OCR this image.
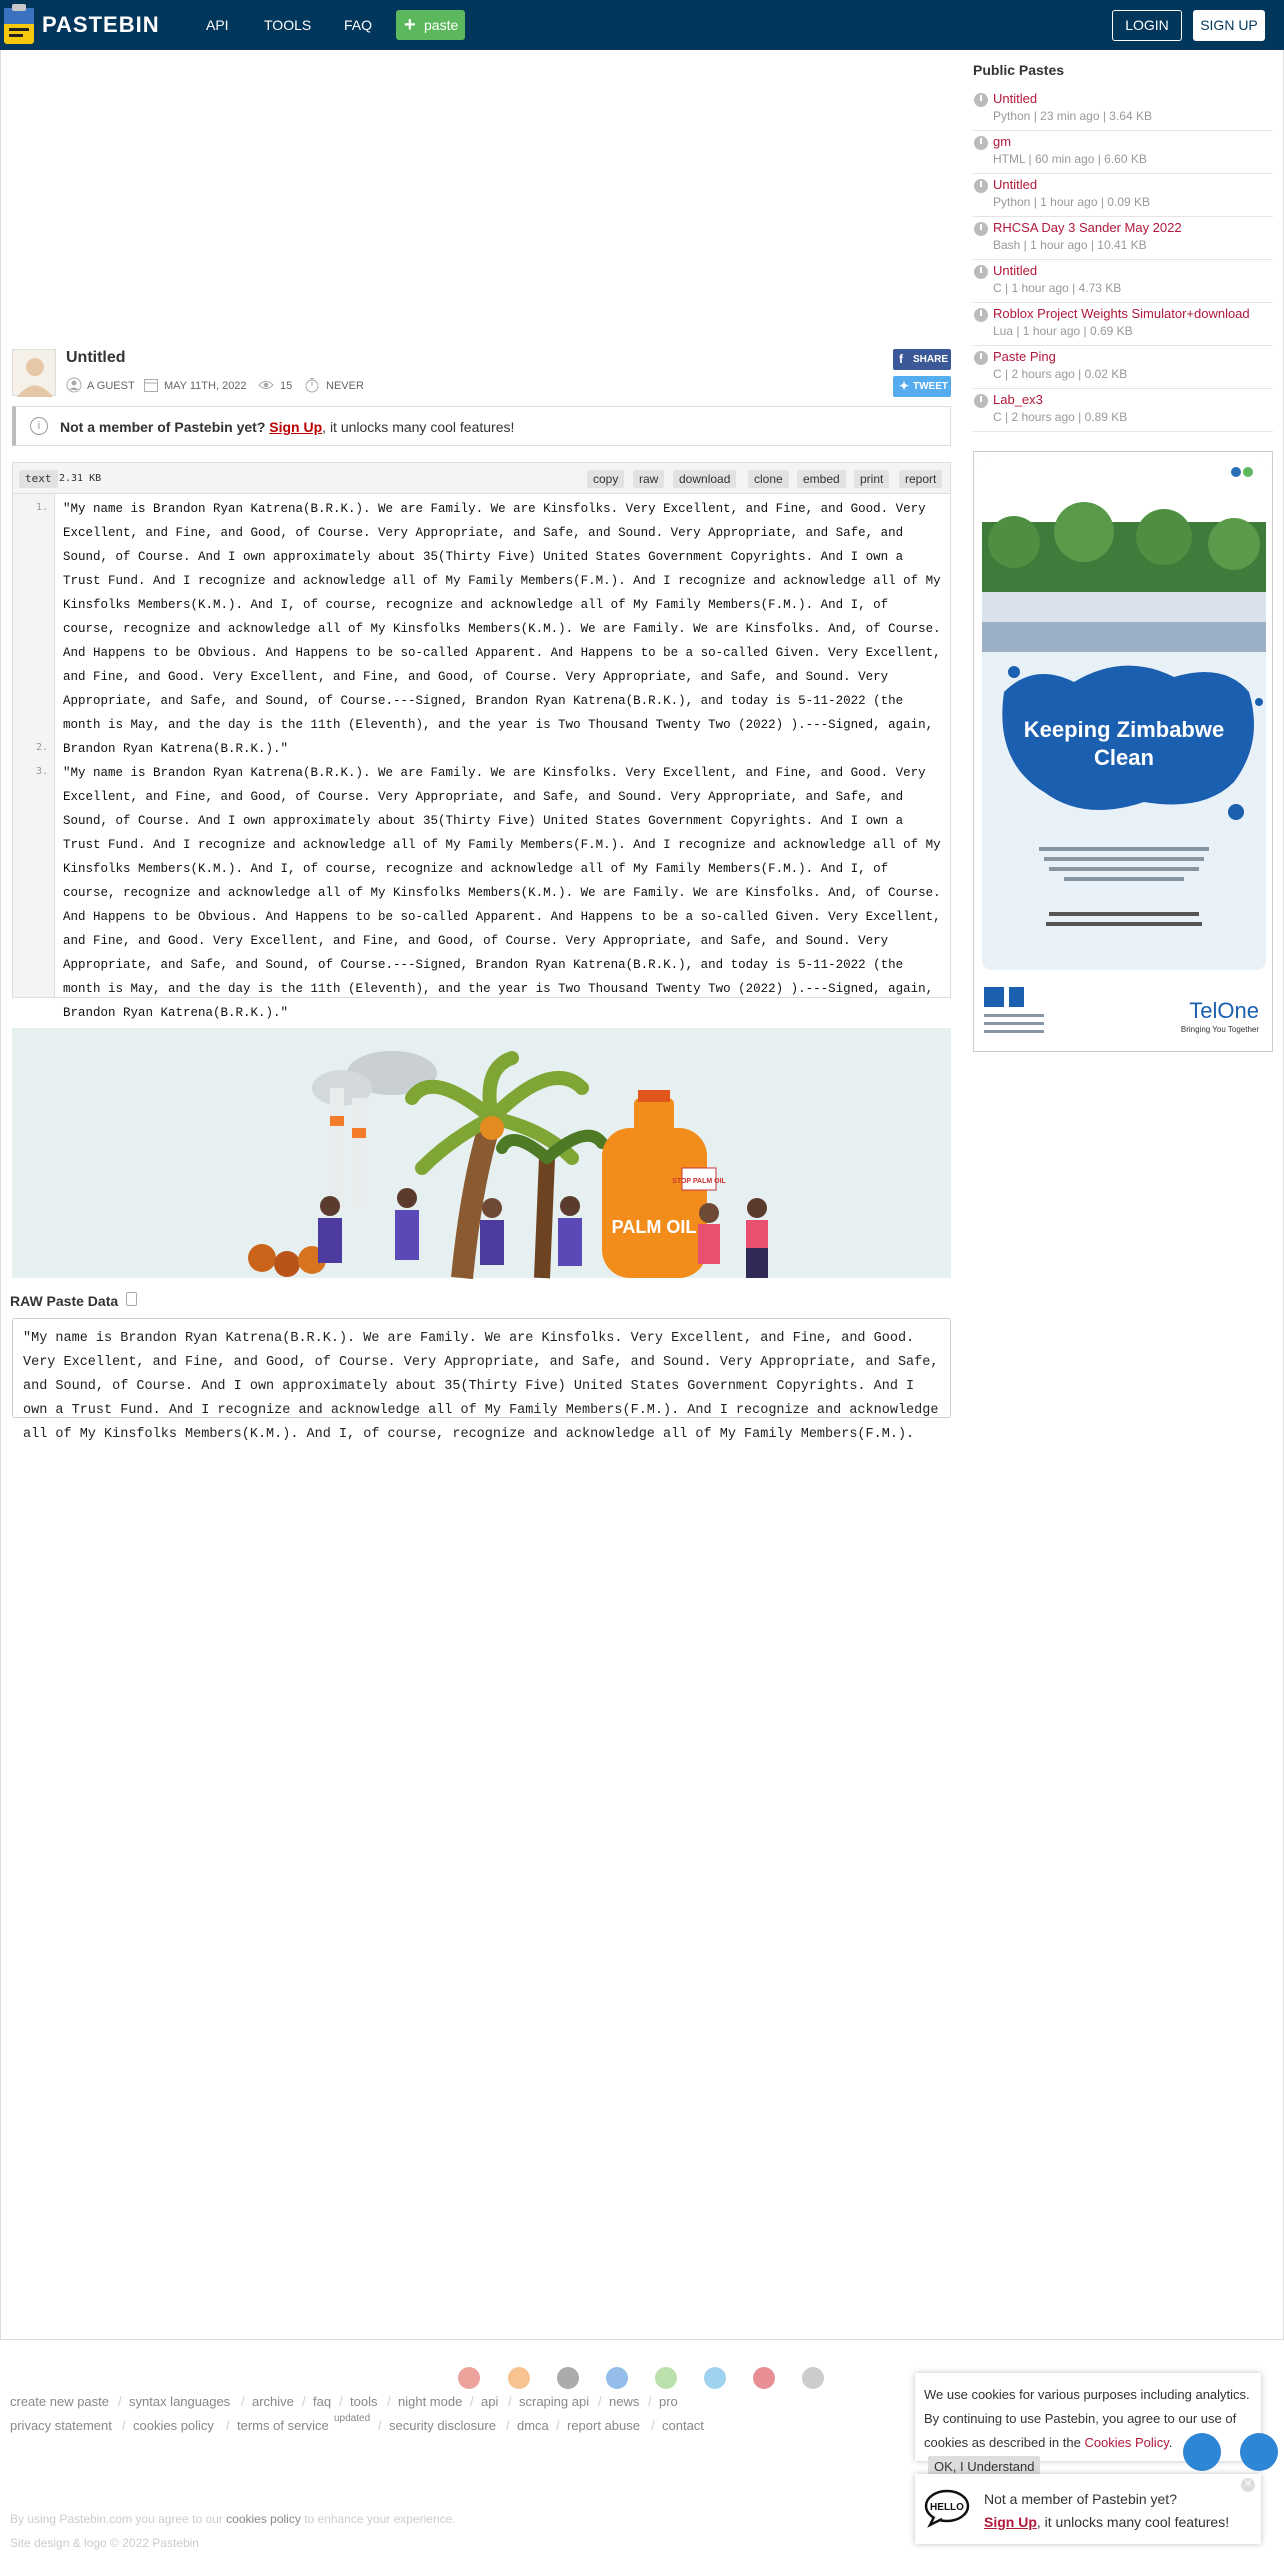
PASTEBIN	API	TOOLS FAQ + paste	LOGIN	SIGN UP
Untitled
A GUEST	MAY 11TH, 2022	15	NEVER
f SHARE
✦ TWEET
i	Not a member of Pastebin yet? Sign Up, it unlocks many cool features!
text 2.31 KB	copy	raw	download	clone	embed	print	report
1.
2.
3.
"My name is Brandon Ryan Katrena(B.R.K.). We are Family. We are Kinsfolks. Very Excellent, and Fine, and Good. Very Excellent, and Fine, and Good, of Course. Very Appropriate, and Safe, and Sound. Very Appropriate, and Safe, and Sound, of Course. And I own approximately about 35(Thirty Five) United States Government Copyrights. And I own a Trust Fund. And I recognize and acknowledge all of My Family Members(F.M.). And I recognize and acknowledge all of My Kinsfolks Members(K.M.). And I, of course, recognize and acknowledge all of My Family Members(F.M.). And I, of course, recognize and acknowledge all of My Kinsfolks Members(K.M.). We are Family. We are Kinsfolks. And, of Course. And Happens to be Obvious. And Happens to be so-called Apparent. And Happens to be a so-called Given. Very Excellent, and Fine, and Good. Very Excellent, and Fine, and Good, of Course. Very Appropriate, and Safe, and Sound. Very Appropriate, and Safe, and Sound, of Course.---Signed, Brandon Ryan Katrena(B.R.K.), and today is 5-11-2022 (the month is May, and the day is the 11th (Eleventh), and the year is Two Thousand Twenty Two (2022) ).---Signed, again, Brandon Ryan Katrena(B.R.K.)."
"My name is Brandon Ryan Katrena(B.R.K.). We are Family. We are Kinsfolks. Very Excellent, and Fine, and Good. Very Excellent, and Fine, and Good, of Course. Very Appropriate, and Safe, and Sound. Very Appropriate, and Safe, and Sound, of Course. And I own approximately about 35(Thirty Five) United States Government Copyrights. And I own a Trust Fund. And I recognize and acknowledge all of My Family Members(F.M.). And I recognize and acknowledge all of My Kinsfolks Members(K.M.). And I, of course, recognize and acknowledge all of My Family Members(F.M.). And I, of course, recognize and acknowledge all of My Kinsfolks Members(K.M.). We are Family. We are Kinsfolks. And, of Course. And Happens to be Obvious. And Happens to be so-called Apparent. And Happens to be a so-called Given. Very Excellent, and Fine, and Good. Very Excellent, and Fine, and Good, of Course. Very Appropriate, and Safe, and Sound. Very Appropriate, and Safe, and Sound, of Course.---Signed, Brandon Ryan Katrena(B.R.K.), and today is 5-11-2022 (the month is May, and the day is the 11th (Eleventh), and the year is Two Thousand Twenty Two (2022) ).---Signed, again, Brandon Ryan Katrena(B.R.K.)."
PALM OIL
STOP PALM OIL
RAW Paste Data
"My name is Brandon Ryan Katrena(B.R.K.). We are Family. We are Kinsfolks. Very Excellent, and Fine, and Good. Very Excellent, and Fine, and Good, of Course. Very Appropriate, and Safe, and Sound. Very Appropriate, and Safe, and Sound, of Course. And I own approximately about 35(Thirty Five) United States Government Copyrights. And I own a Trust Fund. And I recognize and acknowledge all of My Family Members(F.M.). And I recognize and acknowledge all of My Kinsfolks Members(K.M.). And I, of course, recognize and acknowledge all of My Family Members(F.M.).
Public Pastes
Untitled
Python | 23 min ago | 3.64 KB
gm
HTML | 60 min ago | 6.60 KB
Untitled
Python | 1 hour ago | 0.09 KB
RHCSA Day 3 Sander May 2022
Bash | 1 hour ago | 10.41 KB
Untitled
C | 1 hour ago | 4.73 KB
Roblox Project Weights Simulator+download
Lua | 1 hour ago | 0.69 KB
Paste Ping
C | 2 hours ago | 0.02 KB
Lab_ex3
C | 2 hours ago | 0.89 KB
Keeping Zimbabwe
Clean
TelOne
Bringing You Together
create new paste / syntax languages / archive / faq / tools / night mode / api / scraping api / news / pro
privacy statement / cookies policy / terms of service updated / security disclosure / dmca / report abuse / contact
By using Pastebin.com you agree to our cookies policy to enhance your experience.
Site design & logo © 2022 Pastebin
We use cookies for various purposes including analytics. By continuing to use Pastebin, you agree to our use of cookies as described in the Cookies Policy. OK, I Understand
✕
HELLO
Not a member of Pastebin yet?
Sign Up, it unlocks many cool features!
